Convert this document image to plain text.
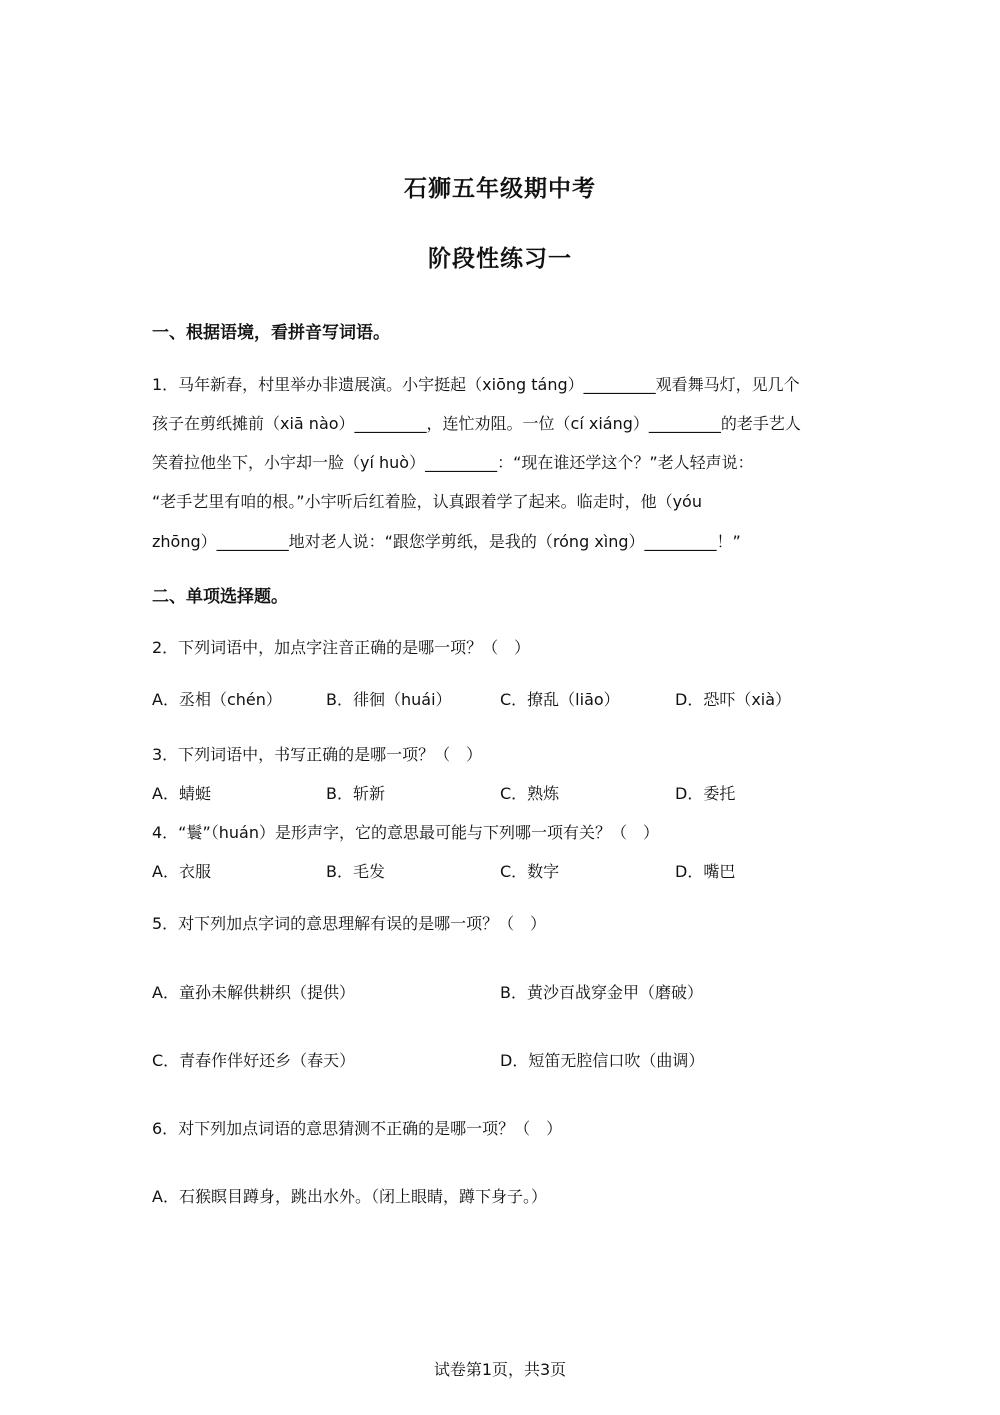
石狮五年级期中考
阶段性练习一
一、根据语境，看拼音写词语。
1．马年新春，村里举办非遗展演。小宇挺起（xiōng táng）_________观看舞马灯，见几个
孩子在剪纸摊前（xiā nào）_________，连忙劝阻。一位（cí xiáng）_________的老手艺人
笑着拉他坐下，小宇却一脸（yí huò）_________：“现在谁还学这个？”老人轻声说：
“老手艺里有咱的根。”小宇听后红着脸，认真跟着学了起来。临走时，他（yóu
zhōng）_________地对老人说：“跟您学剪纸，是我的（róng xìng）_________！”
二、单项选择题。
2．下列词语中，加点字注音正确的是哪一项？（　）
A．丞相（chén）	B．徘徊（huái）	C．撩乱（liāo）	D．恐吓（xià）
3．下列词语中，书写正确的是哪一项？（　）
A．蜻蜓	B．斩新	C．熟炼	D．委托
4．“鬟”（huán）是形声字，它的意思最可能与下列哪一项有关？（　）
A．衣服	B．毛发	C．数字	D．嘴巴
5．对下列加点字词的意思理解有误的是哪一项？（　）
A．童孙未解供耕织（提供）	B．黄沙百战穿金甲（磨破）
C．青春作伴好还乡（春天）	D．短笛无腔信口吹（曲调）
6．对下列加点词语的意思猜测不正确的是哪一项？（　）
A．石猴瞑目蹲身，跳出水外。（闭上眼睛，蹲下身子。）
试卷第1页，共3页
